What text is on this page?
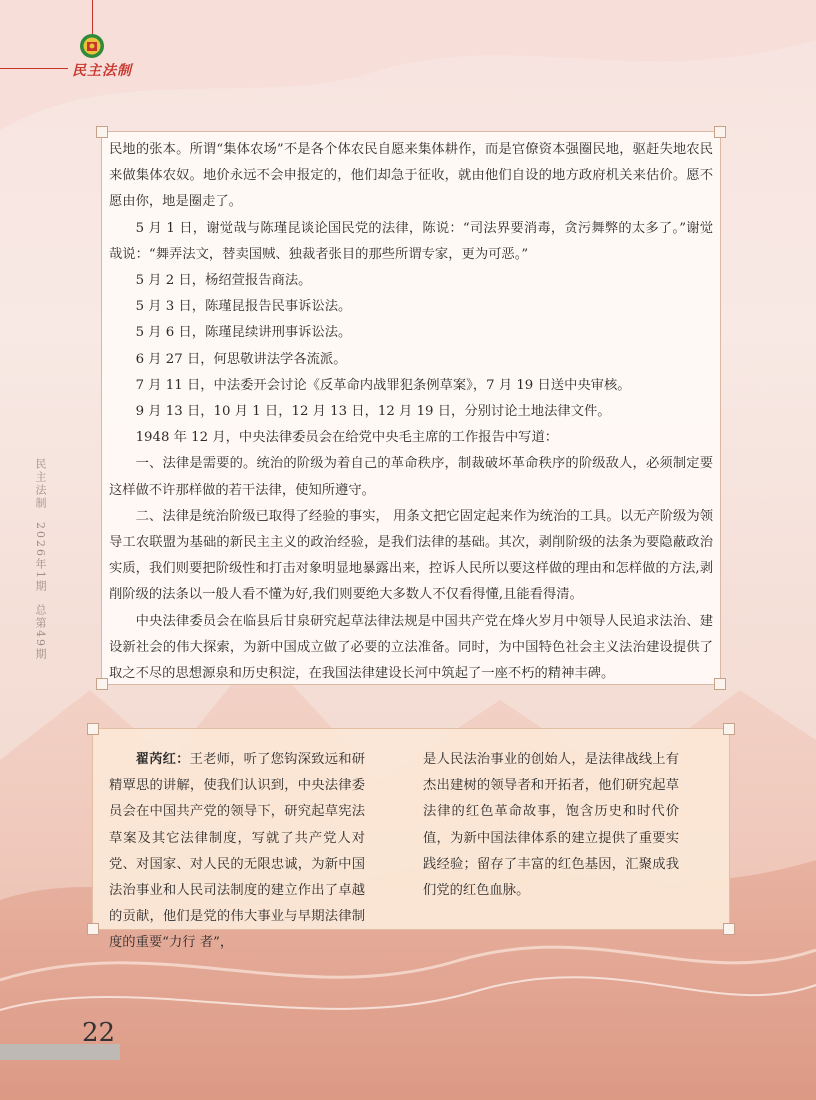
民主法制
民主法制 2026年1期 总第49期

民地的张本。所谓“集体农场”不是各个体农民自愿来集体耕作，而是官僚资本强圈民地，驱赶失地农民来做集体农奴。地价永远不会申报定的，他们却急于征收，就由他们自设的地方政府机关来估价。愿不愿由你，地是圈走了。

5 月 1 日，谢觉哉与陈瑾昆谈论国民党的法律，陈说：“司法界要消毒，贪污舞弊的太多了。”谢觉哉说：“舞弄法文，替卖国贼、独裁者张目的那些所谓专家，更为可恶。”

5 月 2 日，杨绍萱报告商法。

5 月 3 日，陈瑾昆报告民事诉讼法。

5 月 6 日，陈瑾昆续讲刑事诉讼法。

6 月 27 日，何思敬讲法学各流派。

7 月 11 日，中法委开会讨论《反革命内战罪犯条例草案》，7 月 19 日送中央审核。

9 月 13 日，10 月 1 日，12 月 13 日，12 月 19 日，分别讨论土地法律文件。

1948 年 12 月，中央法律委员会在给党中央毛主席的工作报告中写道：

一、法律是需要的。统治的阶级为着自己的革命秩序，制裁破坏革命秩序的阶级敌人，必须制定要这样做不许那样做的若干法律，使知所遵守。

二、法律是统治阶级已取得了经验的事实， 用条文把它固定起来作为统治的工具。以无产阶级为领导工农联盟为基础的新民主主义的政治经验，是我们法律的基础。其次，剥削阶级的法条为要隐蔽政治实质，我们则要把阶级性和打击对象明显地暴露出来，控诉人民所以要这样做的理由和怎样做的方法,剥削阶级的法条以一般人看不懂为好,我们则要绝大多数人不仅看得懂,且能看得清。

中央法律委员会在临县后甘泉研究起草法律法规是中国共产党在烽火岁月中领导人民追求法治、建设新社会的伟大探索，为新中国成立做了必要的立法准备。同时，为中国特色社会主义法治建设提供了取之不尽的思想源泉和历史积淀，在我国法律建设长河中筑起了一座不朽的精神丰碑。

翟芮红：王老师，听了您钩深致远和研精覃思的讲解，使我们认识到，中央法律委员会在中国共产党的领导下，研究起草宪法草案及其它法律制度，写就了共产党人对党、对国家、对人民的无限忠诚，为新中国法治事业和人民司法制度的建立作出了卓越的贡献，他们是党的伟大事业与早期法律制度的重要“力行 者”，

是人民法治事业的创始人，是法律战线上有杰出建树的领导者和开拓者，他们研究起草法律的红色革命故事，饱含历史和时代价值，为新中国法律体系的建立提供了重要实践经验；留存了丰富的红色基因，汇聚成我们党的红色血脉。

22
